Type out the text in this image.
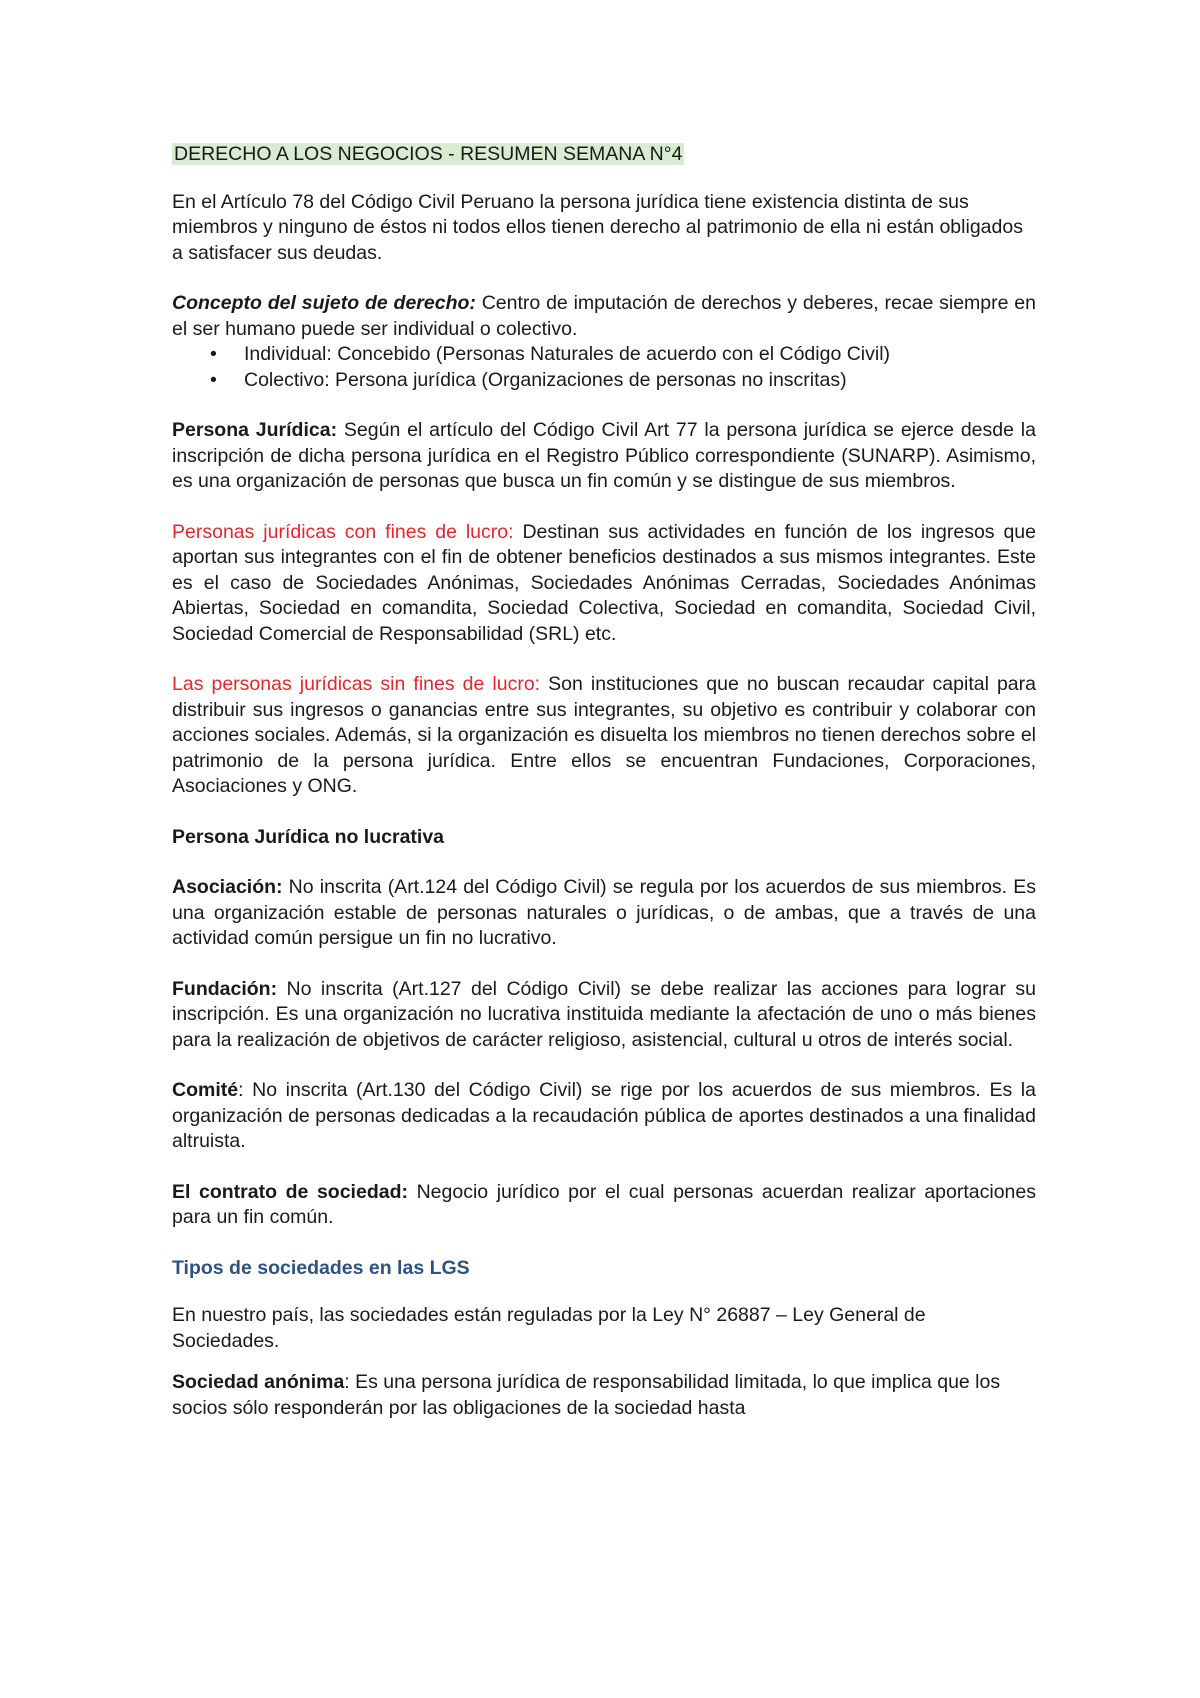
DERECHO A LOS NEGOCIOS - RESUMEN SEMANA N°4

En el Artículo 78 del Código Civil Peruano la persona jurídica tiene existencia distinta de sus miembros y ninguno de éstos ni todos ellos tienen derecho al patrimonio de ella ni están obligados a satisfacer sus deudas.

Concepto del sujeto de derecho: Centro de imputación de derechos y deberes, recae siempre en el ser humano puede ser individual o colectivo.

• Individual: Concebido (Personas Naturales de acuerdo con el Código Civil)
• Colectivo: Persona jurídica (Organizaciones de personas no inscritas)

Persona Jurídica: Según el artículo del Código Civil Art 77 la persona jurídica se ejerce desde la inscripción de dicha persona jurídica en el Registro Público correspondiente (SUNARP). Asimismo, es una organización de personas que busca un fin común y se distingue de sus miembros.

Personas jurídicas con fines de lucro: Destinan sus actividades en función de los ingresos que aportan sus integrantes con el fin de obtener beneficios destinados a sus mismos integrantes. Este es el caso de Sociedades Anónimas, Sociedades Anónimas Cerradas, Sociedades Anónimas Abiertas, Sociedad en comandita, Sociedad Colectiva, Sociedad en comandita, Sociedad Civil, Sociedad Comercial de Responsabilidad (SRL) etc.

Las personas jurídicas sin fines de lucro: Son instituciones que no buscan recaudar capital para distribuir sus ingresos o ganancias entre sus integrantes, su objetivo es contribuir y colaborar con acciones sociales. Además, si la organización es disuelta los miembros no tienen derechos sobre el patrimonio de la persona jurídica. Entre ellos se encuentran Fundaciones, Corporaciones, Asociaciones y ONG.

Persona Jurídica no lucrativa

Asociación: No inscrita (Art.124 del Código Civil) se regula por los acuerdos de sus miembros. Es una organización estable de personas naturales o jurídicas, o de ambas, que a través de una actividad común persigue un fin no lucrativo.

Fundación: No inscrita (Art.127 del Código Civil) se debe realizar las acciones para lograr su inscripción. Es una organización no lucrativa instituida mediante la afectación de uno o más bienes para la realización de objetivos de carácter religioso, asistencial, cultural u otros de interés social.

Comité: No inscrita (Art.130 del Código Civil) se rige por los acuerdos de sus miembros. Es la organización de personas dedicadas a la recaudación pública de aportes destinados a una finalidad altruista.

El contrato de sociedad: Negocio jurídico por el cual personas acuerdan realizar aportaciones para un fin común.

Tipos de sociedades en las LGS

En nuestro país, las sociedades están reguladas por la Ley N° 26887 – Ley General de Sociedades.

Sociedad anónima: Es una persona jurídica de responsabilidad limitada, lo que implica que los socios sólo responderán por las obligaciones de la sociedad hasta
